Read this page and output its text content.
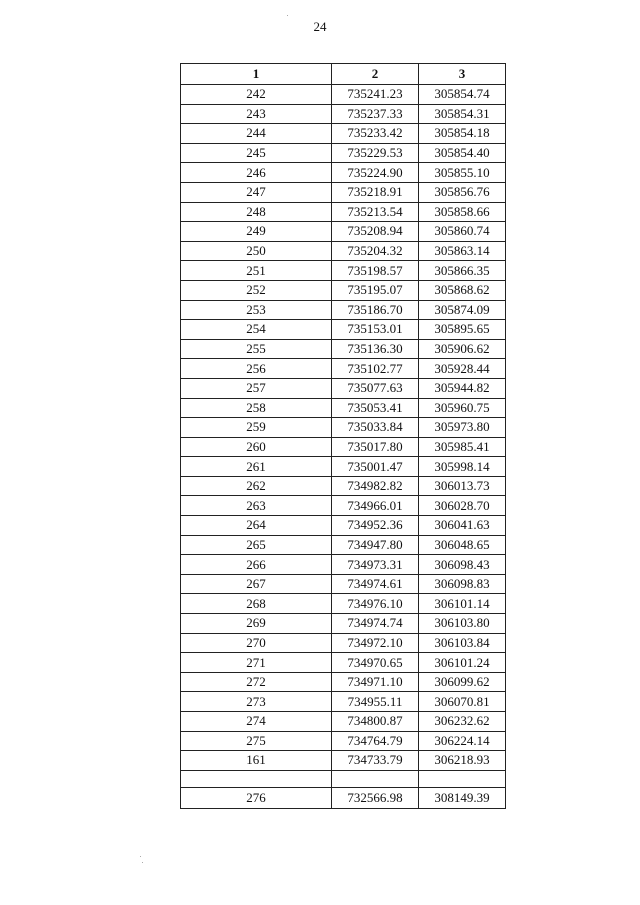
24
1	2	3
242	735241.23	305854.74
243	735237.33	305854.31
244	735233.42	305854.18
245	735229.53	305854.40
246	735224.90	305855.10
247	735218.91	305856.76
248	735213.54	305858.66
249	735208.94	305860.74
250	735204.32	305863.14
251	735198.57	305866.35
252	735195.07	305868.62
253	735186.70	305874.09
254	735153.01	305895.65
255	735136.30	305906.62
256	735102.77	305928.44
257	735077.63	305944.82
258	735053.41	305960.75
259	735033.84	305973.80
260	735017.80	305985.41
261	735001.47	305998.14
262	734982.82	306013.73
263	734966.01	306028.70
264	734952.36	306041.63
265	734947.80	306048.65
266	734973.31	306098.43
267	734974.61	306098.83
268	734976.10	306101.14
269	734974.74	306103.80
270	734972.10	306103.84
271	734970.65	306101.24
272	734971.10	306099.62
273	734955.11	306070.81
274	734800.87	306232.62
275	734764.79	306224.14
161	734733.79	306218.93

276	732566.98	308149.39
